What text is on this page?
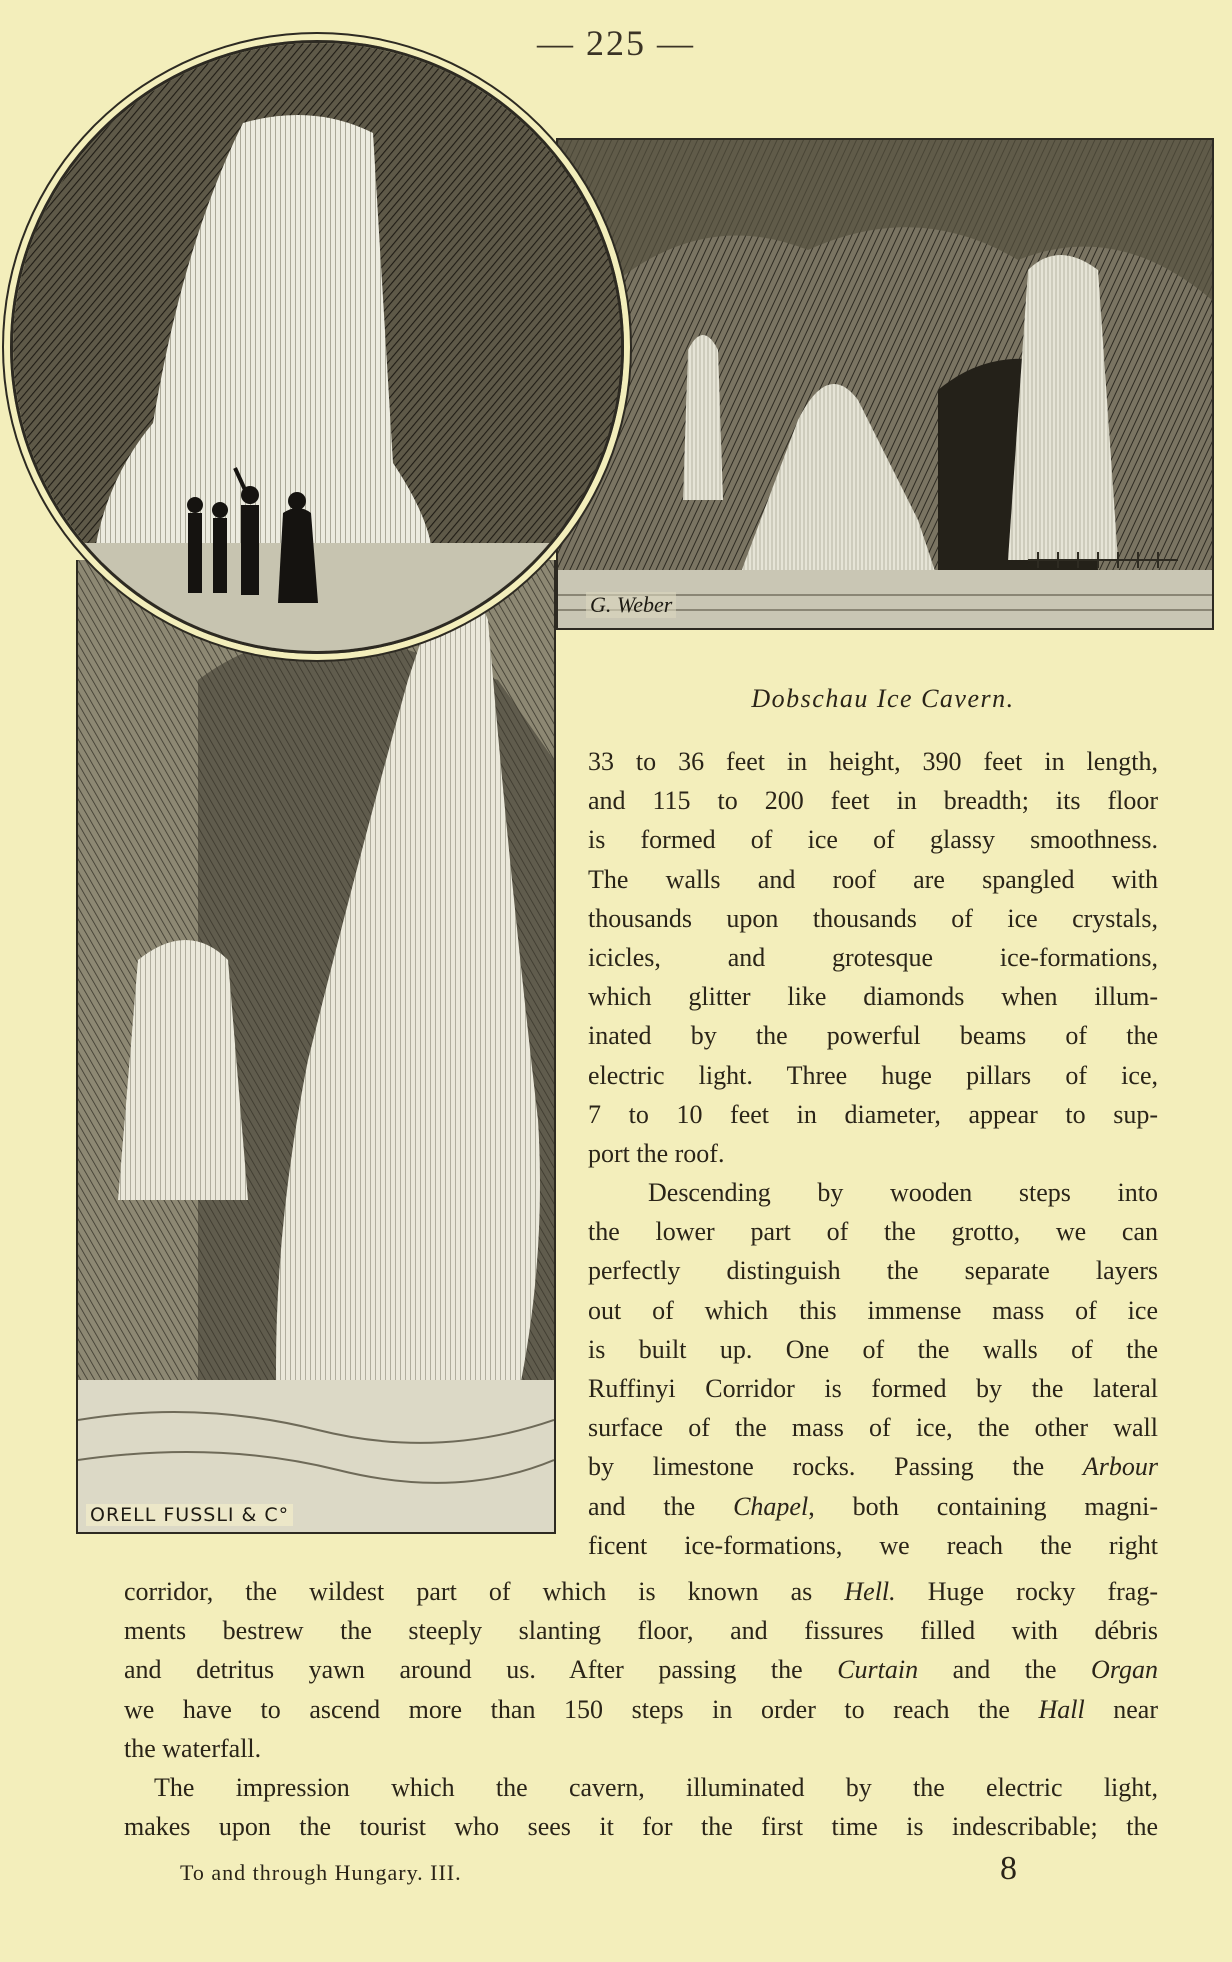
— 225 —
G. Weber
ORELL FUSSLI & C°
Dobschau Ice Cavern.
33 to 36 feet in height, 390 feet in length,
and 115 to 200 feet in breadth; its floor
is formed of ice of glassy smoothness.
The walls and roof are spangled with
thousands upon thousands of ice crystals,
icicles, and grotesque ice-formations,
which glitter like diamonds when illum-
inated by the powerful beams of the
electric light. Three huge pillars of ice,
7 to 10 feet in diameter, appear to sup-
port the roof.
Descending by wooden steps into
the lower part of the grotto, we can
perfectly distinguish the separate layers
out of which this immense mass of ice
is built up. One of the walls of the
Ruffinyi Corridor is formed by the lateral
surface of the mass of ice, the other wall
by limestone rocks. Passing the Arbour
and the Chapel, both containing magni-
ficent ice-formations, we reach the right
corridor, the wildest part of which is known as Hell. Huge rocky frag-
ments bestrew the steeply slanting floor, and fissures filled with débris
and detritus yawn around us. After passing the Curtain and the Organ
we have to ascend more than 150 steps in order to reach the Hall near
the waterfall.
The impression which the cavern, illuminated by the electric light,
makes upon the tourist who sees it for the first time is indescribable; the
To and through Hungary. III.	8
